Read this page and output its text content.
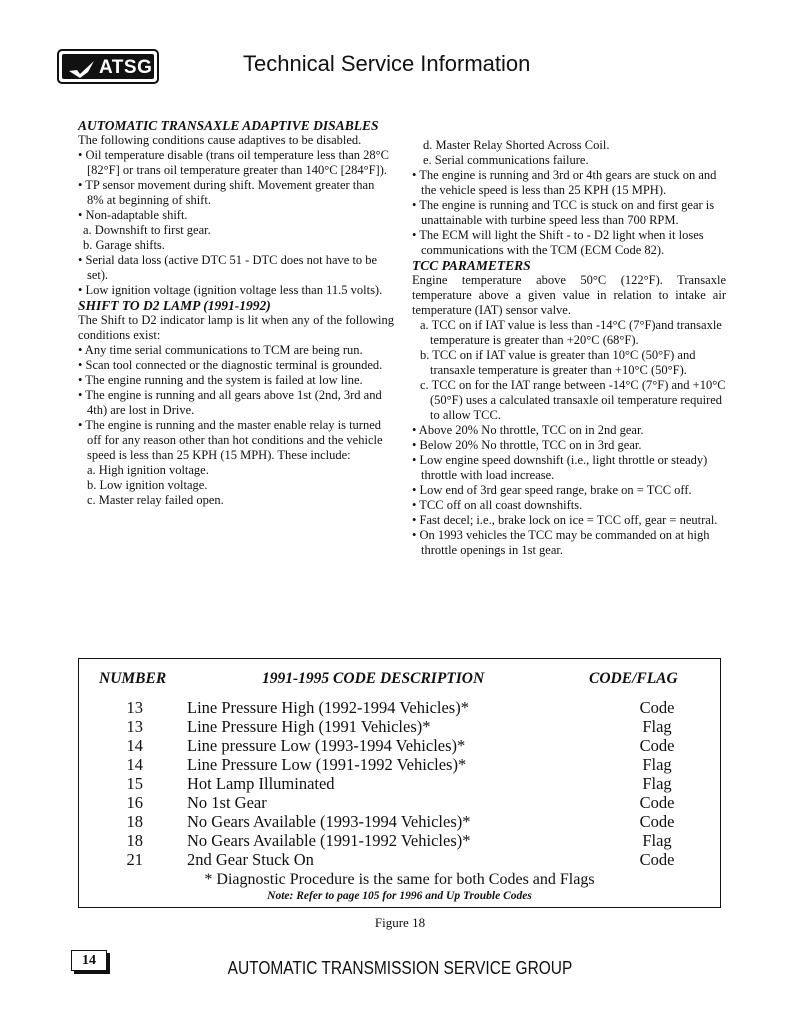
ATSG	Technical Service Information

AUTOMATIC TRANSAXLE ADAPTIVE DISABLES

The following conditions cause adaptives to be disabled.

• Oil temperature disable (trans oil temperature less than 28°C [82°F] or trans oil temperature greater than 140°C [284°F]).

• TP sensor movement during shift. Movement greater than 8% at beginning of shift.

• Non-adaptable shift.

a. Downshift to first gear.

b. Garage shifts.

• Serial data loss (active DTC 51 - DTC does not have to be set).

• Low ignition voltage (ignition voltage less than 11.5 volts).

SHIFT TO D2 LAMP (1991-1992)

The Shift to D2 indicator lamp is lit when any of the following conditions exist:

• Any time serial communications to TCM are being run.

• Scan tool connected or the diagnostic terminal is grounded.

• The engine running and the system is failed at low line.

• The engine is running and all gears above 1st (2nd, 3rd and 4th) are lost in Drive.

• The engine is running and the master enable relay is turned off for any reason other than hot conditions and the vehicle speed is less than 25 KPH (15 MPH). These include:

a. High ignition voltage.

b. Low ignition voltage.

c. Master relay failed open.

d. Master Relay Shorted Across Coil.

e. Serial communications failure.

• The engine is running and 3rd or 4th gears are stuck on and the vehicle speed is less than 25 KPH (15 MPH).

• The engine is running and TCC is stuck on and first gear is unattainable with turbine speed less than 700 RPM.

• The ECM will light the Shift - to - D2 light when it loses communications with the TCM (ECM Code 82).

TCC PARAMETERS

Engine temperature above 50°C (122°F). Transaxle temperature above a given value in relation to intake air temperature (IAT) sensor valve.

a. TCC on if IAT value is less than -14°C (7°F)and transaxle temperature is greater than +20°C (68°F).

b. TCC on if IAT value is greater than 10°C (50°F) and transaxle temperature is greater than +10°C (50°F).

c. TCC on for the IAT range between -14°C (7°F) and +10°C (50°F) uses a calculated transaxle oil temperature required to allow TCC.

• Above 20% No throttle, TCC on in 2nd gear.

• Below 20% No throttle, TCC on in 3rd gear.

• Low engine speed downshift (i.e., light throttle or steady) throttle with load increase.

• Low end of 3rd gear speed range, brake on = TCC off.

• TCC off on all coast downshifts.

• Fast decel; i.e., brake lock on ice = TCC off, gear = neutral.

• On 1993 vehicles the TCC may be commanded on at high throttle openings in 1st gear.

NUMBER	1991-1995 CODE DESCRIPTION	CODE/FLAG
13	Line Pressure High (1992-1994 Vehicles)*	Code
13	Line Pressure High (1991 Vehicles)*	Flag
14	Line pressure Low (1993-1994 Vehicles)*	Code
14	Line Pressure Low (1991-1992 Vehicles)*	Flag
15	Hot Lamp Illuminated	Flag
16	No 1st Gear	Code
18	No Gears Available (1993-1994 Vehicles)*	Code
18	No Gears Available (1991-1992 Vehicles)*	Flag
21	2nd Gear Stuck On	Code
* Diagnostic Procedure is the same for both Codes and Flags
Note: Refer to page 105 for 1996 and Up Trouble Codes
Figure 18
14	AUTOMATIC TRANSMISSION SERVICE GROUP
